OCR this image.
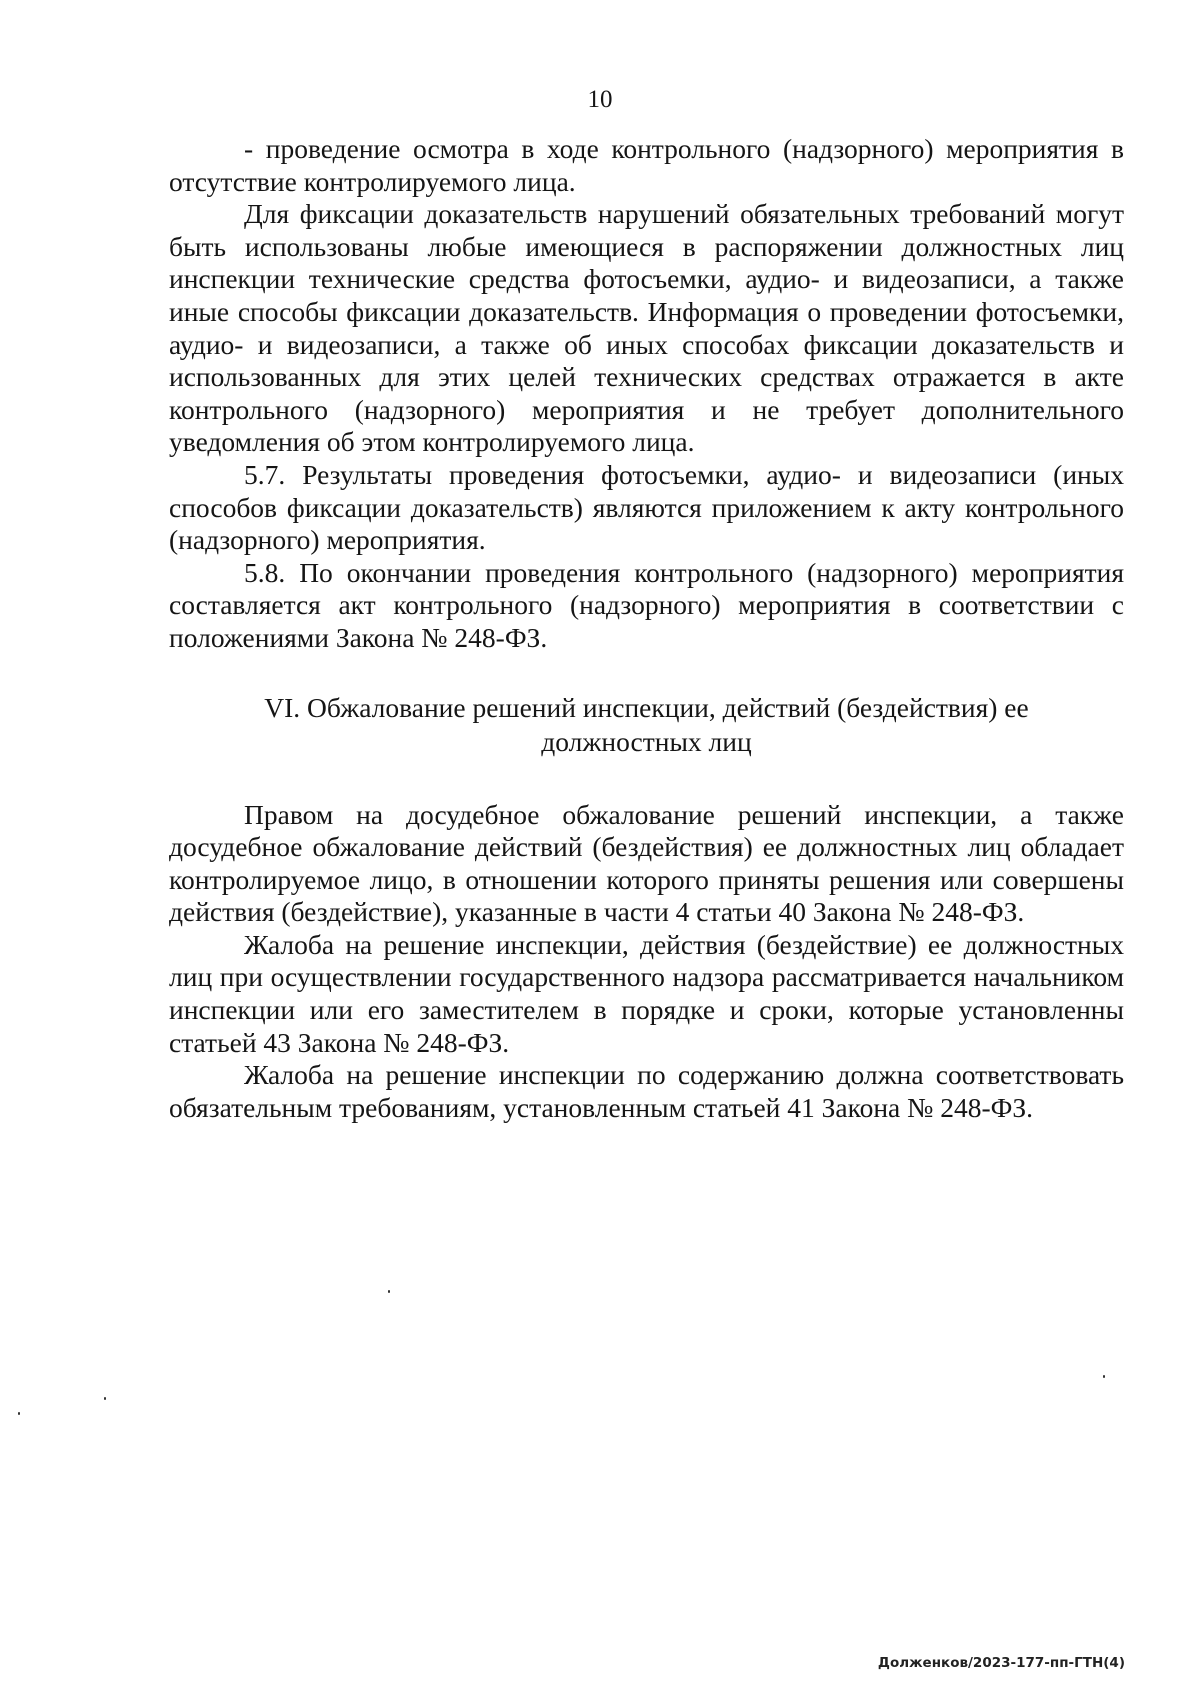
10

- проведение осмотра в ходе контрольного (надзорного) мероприятия в отсутствие контролируемого лица.

Для фиксации доказательств нарушений обязательных требований могут быть использованы любые имеющиеся в распоряжении должностных лиц инспекции технические средства фотосъемки, аудио- и видеозаписи, а также иные способы фиксации доказательств. Информация о проведении фотосъемки, аудио- и видеозаписи, а также об иных способах фиксации доказательств и использованных для этих целей технических средствах отражается в акте контрольного (надзорного) мероприятия и не требует дополнительного уведомления об этом контролируемого лица.

5.7. Результаты проведения фотосъемки, аудио- и видеозаписи (иных способов фиксации доказательств) являются приложением к акту контрольного (надзорного) мероприятия.

5.8. По окончании проведения контрольного (надзорного) мероприятия составляется акт контрольного (надзорного) мероприятия в соответствии с положениями Закона № 248-ФЗ.

VI. Обжалование решений инспекции, действий (бездействия) ее должностных лиц

Правом на досудебное обжалование решений инспекции, а также досудебное обжалование действий (бездействия) ее должностных лиц обладает контролируемое лицо, в отношении которого приняты решения или совершены действия (бездействие), указанные в части 4 статьи 40 Закона № 248-ФЗ.

Жалоба на решение инспекции, действия (бездействие) ее должностных лиц при осуществлении государственного надзора рассматривается начальником инспекции или его заместителем в порядке и сроки, которые установленны статьей 43 Закона № 248-ФЗ.

Жалоба на решение инспекции по содержанию должна соответствовать обязательным требованиям, установленным статьей 41 Закона № 248-ФЗ.

Долженков/2023-177-пп-ГТН(4)
